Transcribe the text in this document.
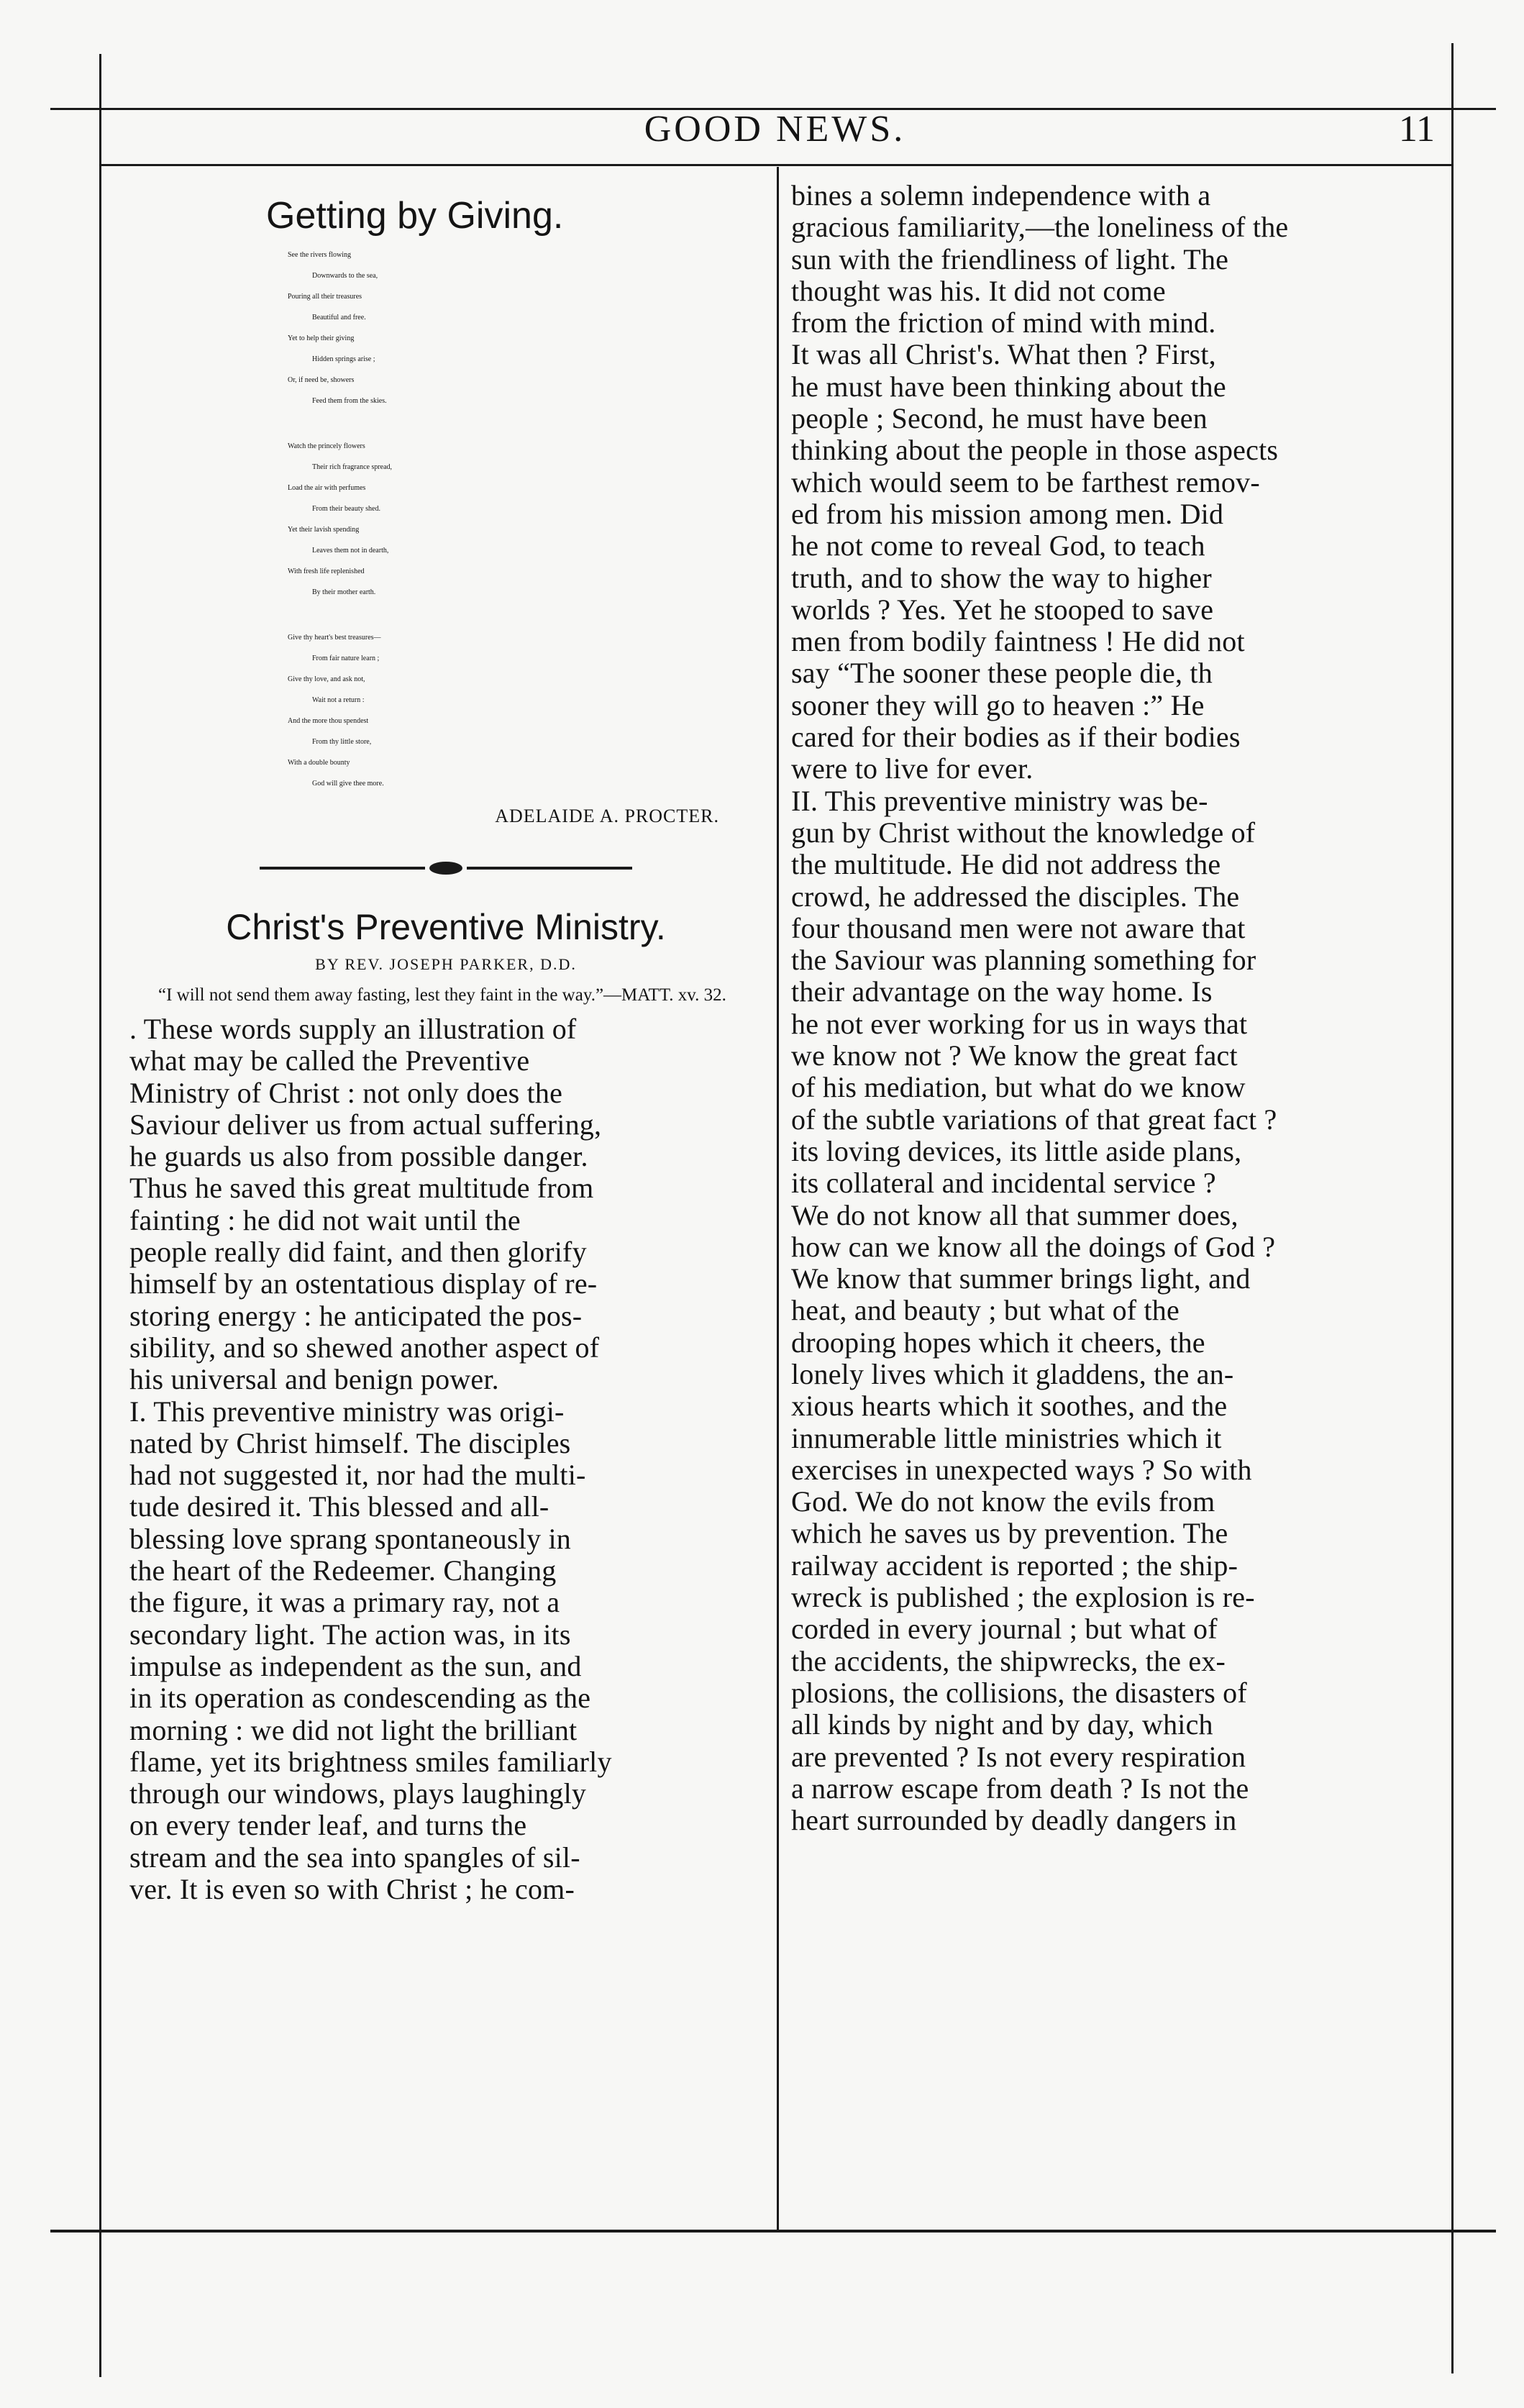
GOOD NEWS.	11
Getting by Giving.
See the rivers flowing
Downwards to the sea,
Pouring all their treasures
Beautiful and free.
Yet to help their giving
Hidden springs arise ;
Or, if need be, showers
Feed them from the skies.
Watch the princely flowers
Their rich fragrance spread,
Load the air with perfumes
From their beauty shed.
Yet their lavish spending
Leaves them not in dearth,
With fresh life replenished
By their mother earth.
Give thy heart's best treasures—
From fair nature learn ;
Give thy love, and ask not,
Wait not a return :
And the more thou spendest
From thy little store,
With a double bounty
God will give thee more.
ADELAIDE A. PROCTER.
Christ's Preventive Ministry.
BY REV. JOSEPH PARKER, D.D.
“I will not send them away fasting, lest they faint in the way.”—MATT. xv. 32.
. These words supply an illustration of
what may be called the Preventive
Ministry of Christ : not only does the
Saviour deliver us from actual suffering,
he guards us also from possible danger.
Thus he saved this great multitude from
fainting : he did not wait until the
people really did faint, and then glorify
himself by an ostentatious display of re-
storing energy : he anticipated the pos-
sibility, and so shewed another aspect of
his universal and benign power.
I. This preventive ministry was origi-
nated by Christ himself. The disciples
had not suggested it, nor had the multi-
tude desired it. This blessed and all-
blessing love sprang spontaneously in
the heart of the Redeemer. Changing
the figure, it was a primary ray, not a
secondary light. The action was, in its
impulse as independent as the sun, and
in its operation as condescending as the
morning : we did not light the brilliant
flame, yet its brightness smiles familiarly
through our windows, plays laughingly
on every tender leaf, and turns the
stream and the sea into spangles of sil-
ver. It is even so with Christ ; he com-
bines a solemn independence with a
gracious familiarity,—the loneliness of the
sun with the friendliness of light. The
thought was his. It did not come
from the friction of mind with mind.
It was all Christ's. What then ? First,
he must have been thinking about the
people ; Second, he must have been
thinking about the people in those aspects
which would seem to be farthest remov-
ed from his mission among men. Did
he not come to reveal God, to teach
truth, and to show the way to higher
worlds ? Yes. Yet he stooped to save
men from bodily faintness ! He did not
say “The sooner these people die, th
sooner they will go to heaven :” He
cared for their bodies as if their bodies
were to live for ever.
II. This preventive ministry was be-
gun by Christ without the knowledge of
the multitude. He did not address the
crowd, he addressed the disciples. The
four thousand men were not aware that
the Saviour was planning something for
their advantage on the way home. Is
he not ever working for us in ways that
we know not ? We know the great fact
of his mediation, but what do we know
of the subtle variations of that great fact ?
its loving devices, its little aside plans,
its collateral and incidental service ?
We do not know all that summer does,
how can we know all the doings of God ?
We know that summer brings light, and
heat, and beauty ; but what of the
drooping hopes which it cheers, the
lonely lives which it gladdens, the an-
xious hearts which it soothes, and the
innumerable little ministries which it
exercises in unexpected ways ? So with
God. We do not know the evils from
which he saves us by prevention. The
railway accident is reported ; the ship-
wreck is published ; the explosion is re-
corded in every journal ; but what of
the accidents, the shipwrecks, the ex-
plosions, the collisions, the disasters of
all kinds by night and by day, which
are prevented ? Is not every respiration
a narrow escape from death ? Is not the
heart surrounded by deadly dangers in
